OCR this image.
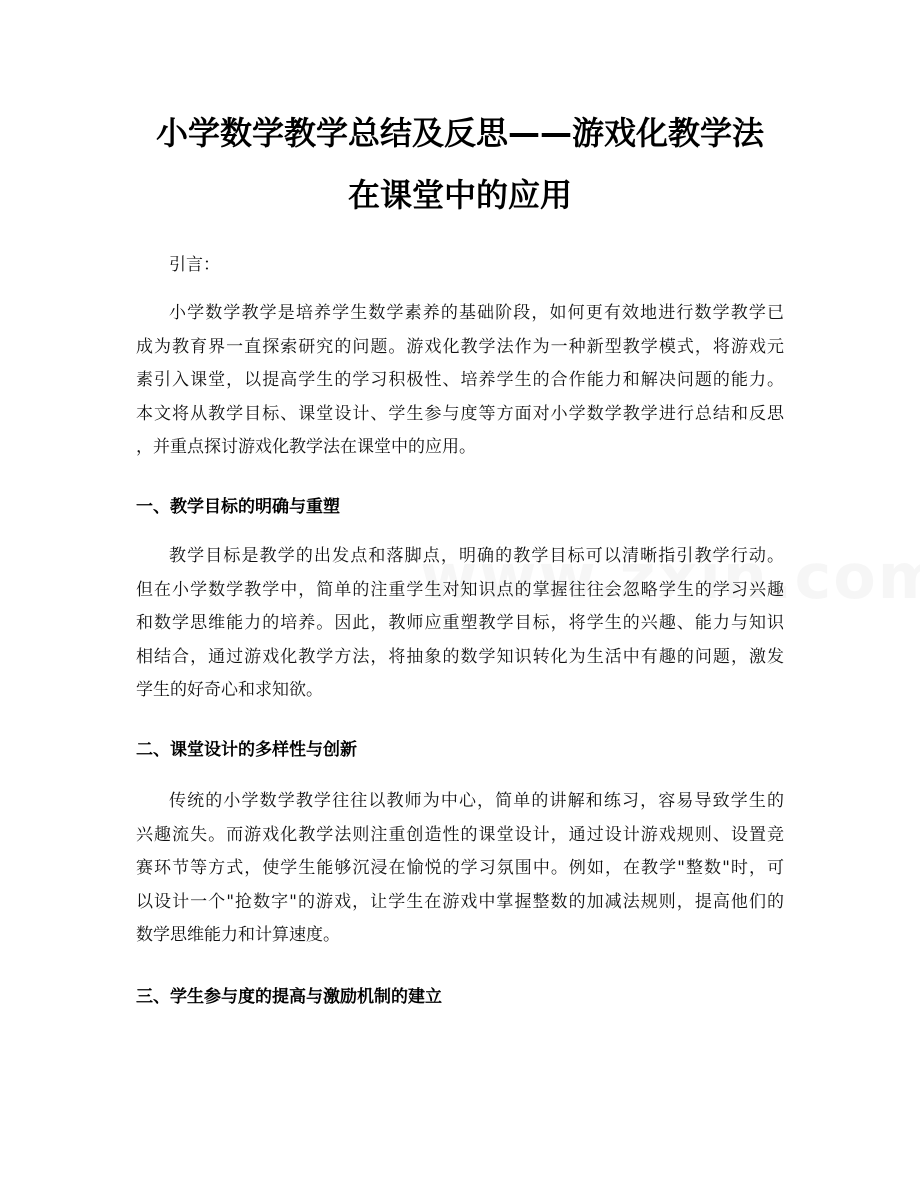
小学数学教学总结及反思——游戏化教学法
在课堂中的应用
引言：
小学数学教学是培养学生数学素养的基础阶段，如何更有效地进行数学教学已
成为教育界一直探索研究的问题。游戏化教学法作为一种新型教学模式，将游戏元
素引入课堂，以提高学生的学习积极性、培养学生的合作能力和解决问题的能力。
本文将从教学目标、课堂设计、学生参与度等方面对小学数学教学进行总结和反思
，并重点探讨游戏化教学法在课堂中的应用。
一、教学目标的明确与重塑
教学目标是教学的出发点和落脚点，明确的教学目标可以清晰指引教学行动。
但在小学数学教学中，简单的注重学生对知识点的掌握往往会忽略学生的学习兴趣
和数学思维能力的培养。因此，教师应重塑教学目标，将学生的兴趣、能力与知识
相结合，通过游戏化教学方法，将抽象的数学知识转化为生活中有趣的问题，激发
学生的好奇心和求知欲。
二、课堂设计的多样性与创新
传统的小学数学教学往往以教师为中心，简单的讲解和练习，容易导致学生的
兴趣流失。而游戏化教学法则注重创造性的课堂设计，通过设计游戏规则、设置竞
赛环节等方式，使学生能够沉浸在愉悦的学习氛围中。例如，在教学"整数"时，可
以设计一个"抢数字"的游戏，让学生在游戏中掌握整数的加减法规则，提高他们的
数学思维能力和计算速度。
三、学生参与度的提高与激励机制的建立
